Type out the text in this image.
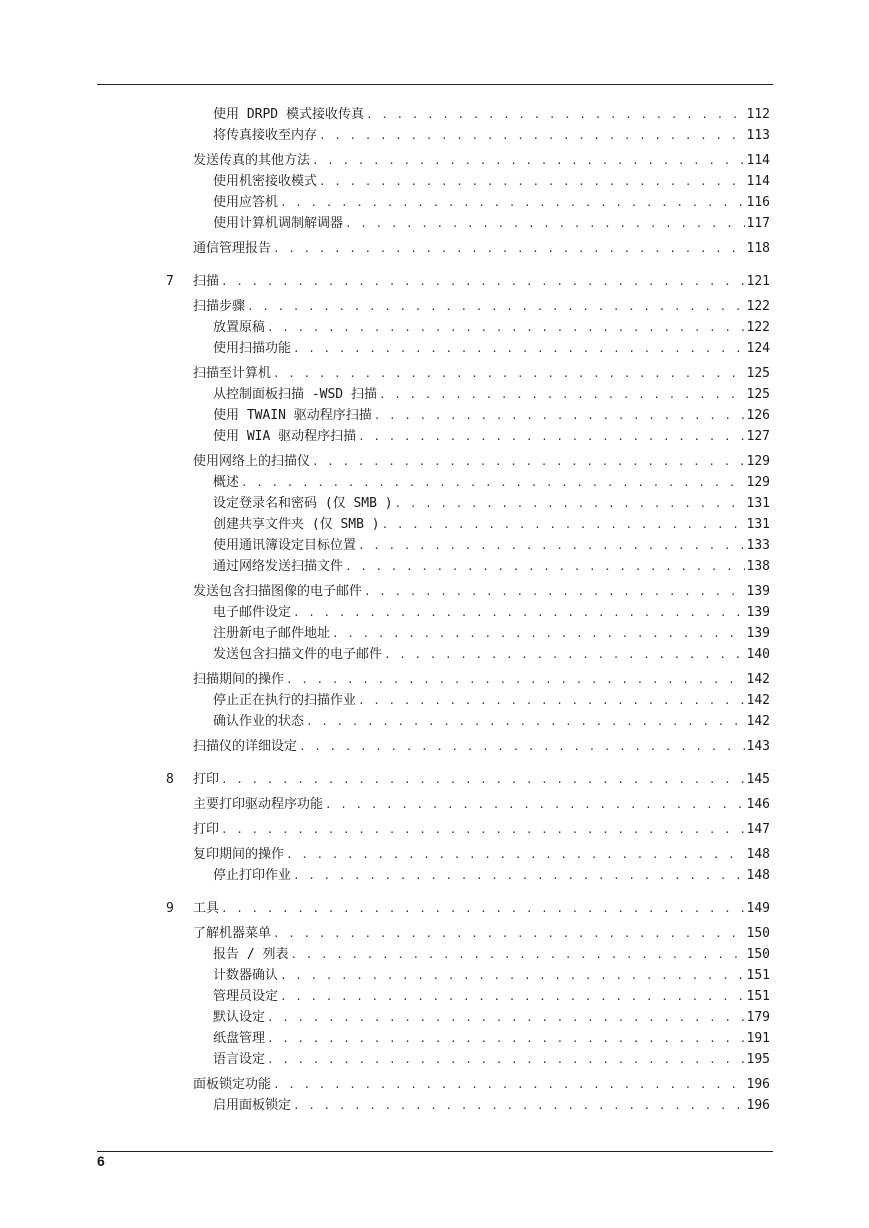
使用 DRPD 模式接收传真 . . .	112
将传真接收至内存 . . .	113
发送传真的其他方法 . . .	114
使用机密接收模式 . . .	114
使用应答机 . . .	116
使用计算机调制解调器 . . .	117
通信管理报告 . . .	118
7 扫描 . . .	121
扫描步骤 . . .	122
放置原稿 . . .	122
使用扫描功能 . . .	124
扫描至计算机 . . .	125
从控制面板扫描 -WSD 扫描 . . .	125
使用 TWAIN 驱动程序扫描 . . .	126
使用 WIA 驱动程序扫描 . . .	127
使用网络上的扫描仪 . . .	129
概述 . . .	129
设定登录名和密码 (仅 SMB ) . . .	131
创建共享文件夹 (仅 SMB ) . . .	131
使用通讯簿设定目标位置 . . .	133
通过网络发送扫描文件 . . .	138
发送包含扫描图像的电子邮件 . . .	139
电子邮件设定 . . .	139
注册新电子邮件地址 . . .	139
发送包含扫描文件的电子邮件 . . .	140
扫描期间的操作 . . .	142
停止正在执行的扫描作业 . . .	142
确认作业的状态 . . .	142
扫描仪的详细设定 . . .	143
8 打印 . . .	145
主要打印驱动程序功能 . . .	146
打印 . . .	147
复印期间的操作 . . .	148
停止打印作业 . . .	148
9 工具 . . .	149
了解机器菜单 . . .	150
报告 / 列表 . . .	150
计数器确认 . . .	151
管理员设定 . . .	151
默认设定 . . .	179
纸盘管理 . . .	191
语言设定 . . .	195
面板锁定功能 . . .	196
启用面板锁定 . . .	196
6
